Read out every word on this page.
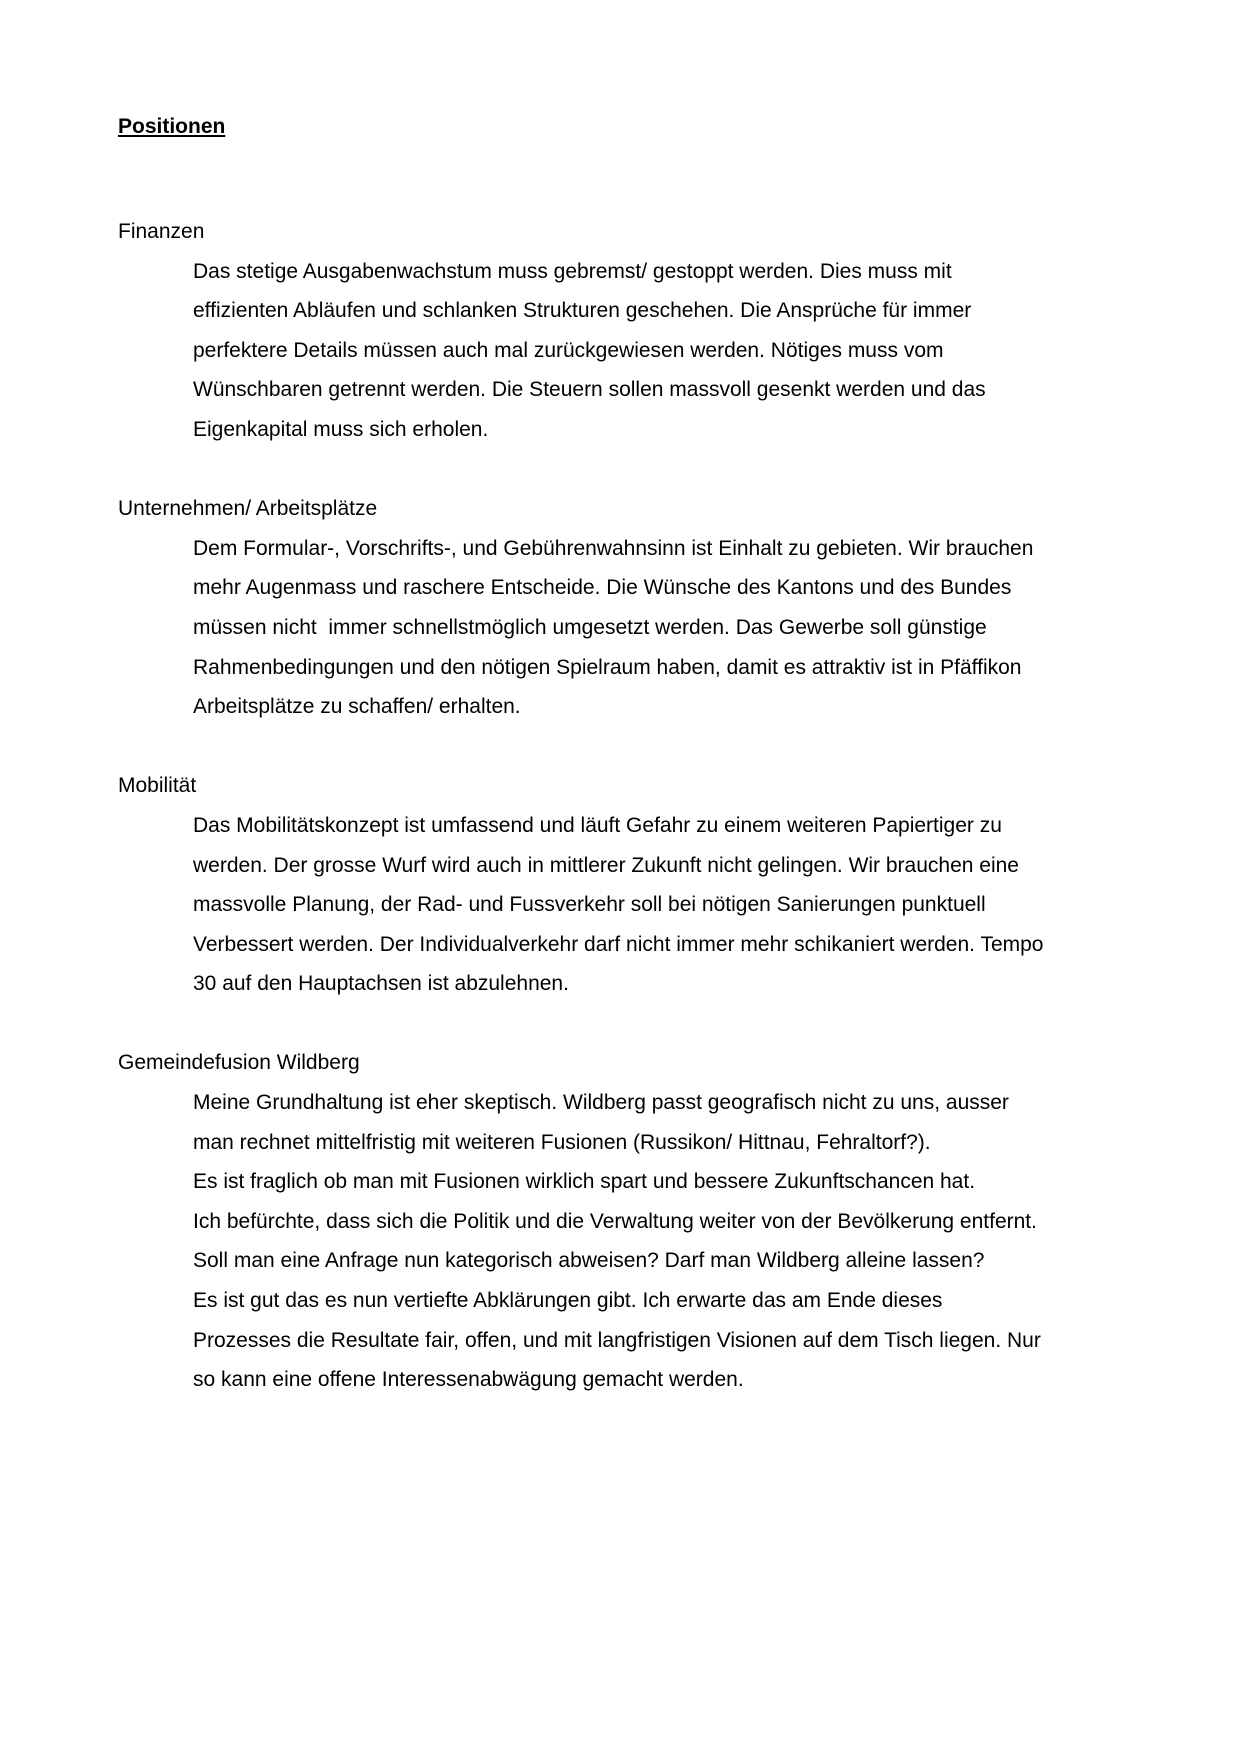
Positionen
Finanzen
Das stetige Ausgabenwachstum muss gebremst/ gestoppt werden. Dies muss mit
effizienten Abläufen und schlanken Strukturen geschehen. Die Ansprüche für immer
perfektere Details müssen auch mal zurückgewiesen werden. Nötiges muss vom
Wünschbaren getrennt werden. Die Steuern sollen massvoll gesenkt werden und das
Eigenkapital muss sich erholen.
Unternehmen/ Arbeitsplätze
Dem Formular-, Vorschrifts-, und Gebührenwahnsinn ist Einhalt zu gebieten. Wir brauchen
mehr Augenmass und raschere Entscheide. Die Wünsche des Kantons und des Bundes
müssen nicht  immer schnellstmöglich umgesetzt werden. Das Gewerbe soll günstige
Rahmenbedingungen und den nötigen Spielraum haben, damit es attraktiv ist in Pfäffikon
Arbeitsplätze zu schaffen/ erhalten.
Mobilität
Das Mobilitätskonzept ist umfassend und läuft Gefahr zu einem weiteren Papiertiger zu
werden. Der grosse Wurf wird auch in mittlerer Zukunft nicht gelingen. Wir brauchen eine
massvolle Planung, der Rad- und Fussverkehr soll bei nötigen Sanierungen punktuell
Verbessert werden. Der Individualverkehr darf nicht immer mehr schikaniert werden. Tempo
30 auf den Hauptachsen ist abzulehnen.
Gemeindefusion Wildberg
Meine Grundhaltung ist eher skeptisch. Wildberg passt geografisch nicht zu uns, ausser
man rechnet mittelfristig mit weiteren Fusionen (Russikon/ Hittnau, Fehraltorf?).
Es ist fraglich ob man mit Fusionen wirklich spart und bessere Zukunftschancen hat.
Ich befürchte, dass sich die Politik und die Verwaltung weiter von der Bevölkerung entfernt.
Soll man eine Anfrage nun kategorisch abweisen? Darf man Wildberg alleine lassen?
Es ist gut das es nun vertiefte Abklärungen gibt. Ich erwarte das am Ende dieses
Prozesses die Resultate fair, offen, und mit langfristigen Visionen auf dem Tisch liegen. Nur
so kann eine offene Interessenabwägung gemacht werden.
